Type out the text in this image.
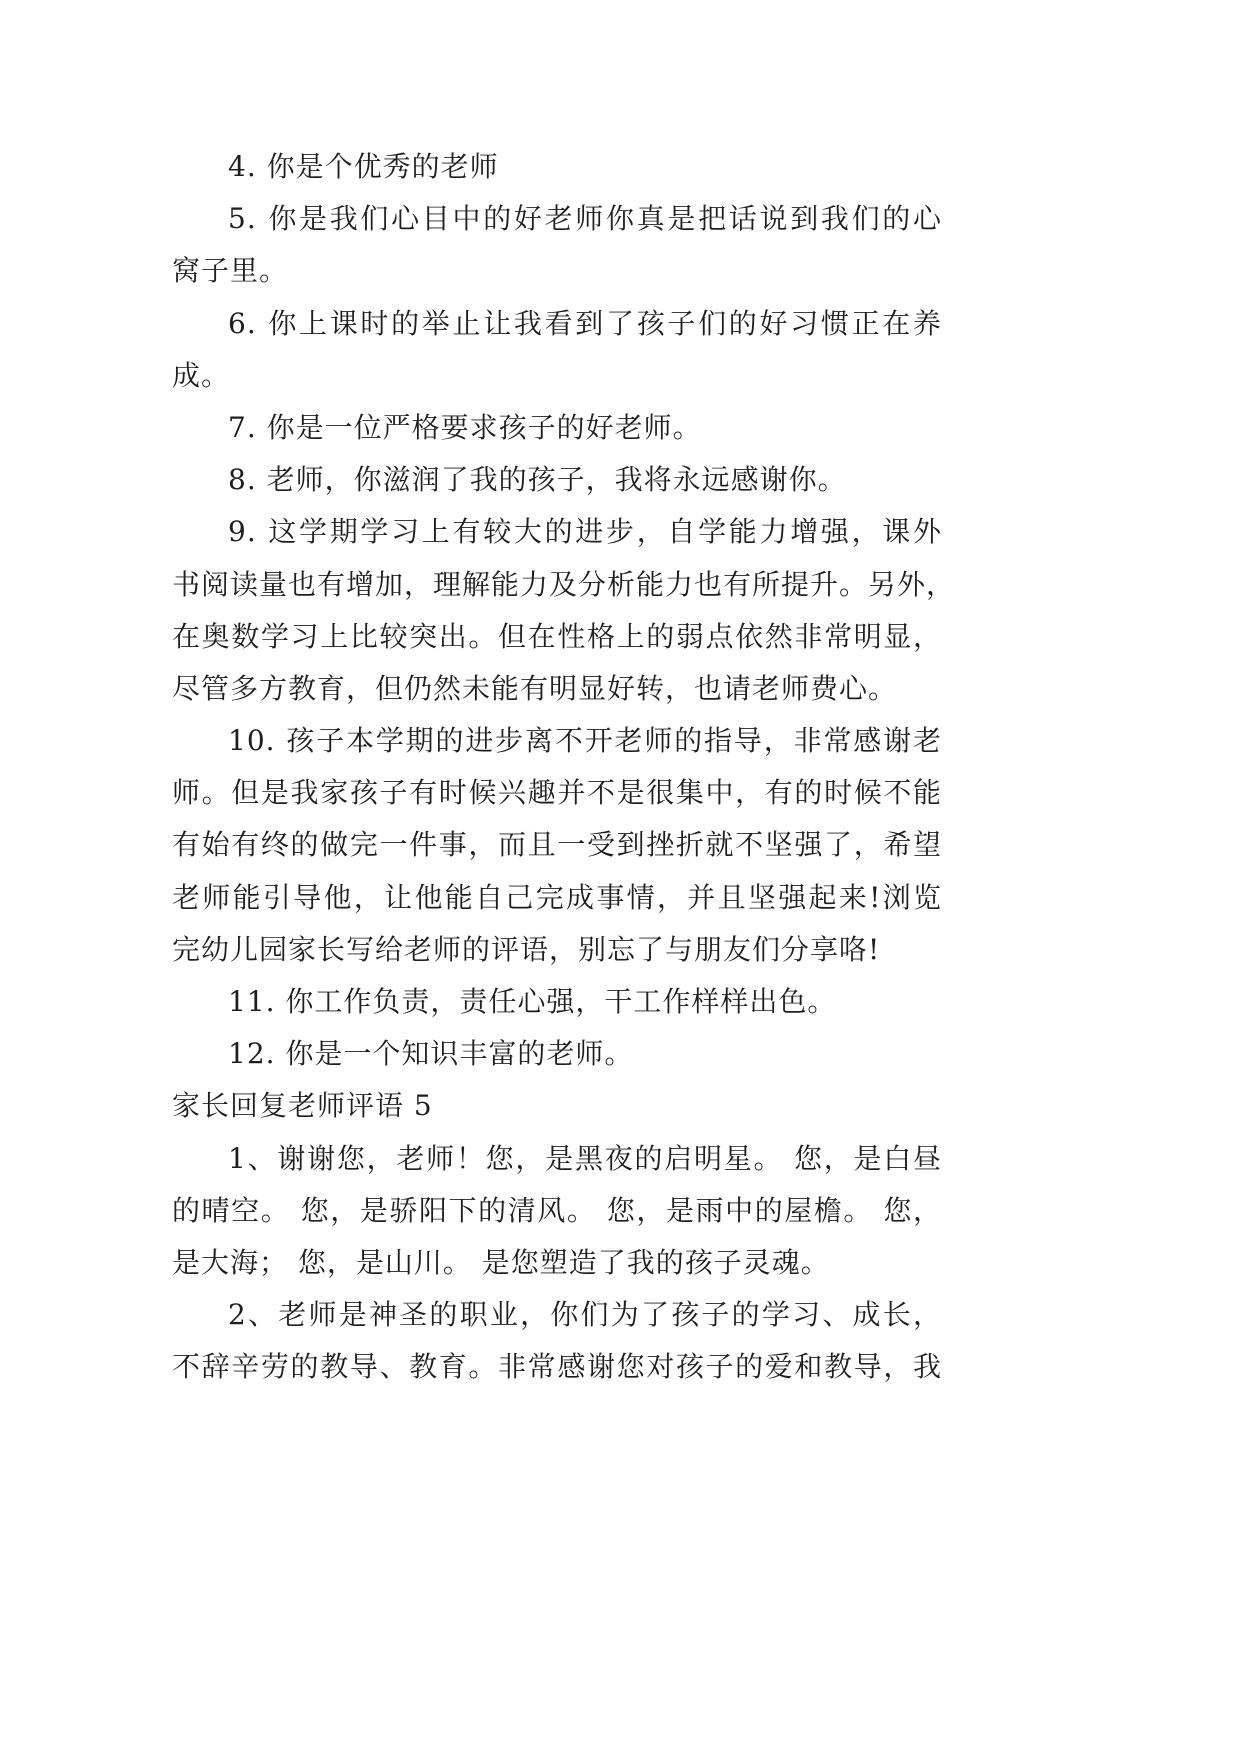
4. 你是个优秀的老师
5. 你是我们心目中的好老师你真是把话说到我们的心
窝子里。
6. 你上课时的举止让我看到了孩子们的好习惯正在养
成。
7. 你是一位严格要求孩子的好老师。
8. 老师，你滋润了我的孩子，我将永远感谢你。
9. 这学期学习上有较大的进步，自学能力增强，课外
书阅读量也有增加，理解能力及分析能力也有所提升。另外，
在奥数学习上比较突出。但在性格上的弱点依然非常明显，
尽管多方教育，但仍然未能有明显好转，也请老师费心。
10. 孩子本学期的进步离不开老师的指导，非常感谢老
师。但是我家孩子有时候兴趣并不是很集中，有的时候不能
有始有终的做完一件事，而且一受到挫折就不坚强了，希望
老师能引导他，让他能自己完成事情，并且坚强起来!浏览
完幼儿园家长写给老师的评语，别忘了与朋友们分享咯!
11. 你工作负责，责任心强，干工作样样出色。
12. 你是一个知识丰富的老师。
家长回复老师评语 5
1、谢谢您，老师！您，是黑夜的启明星。 您，是白昼
的晴空。 您，是骄阳下的清风。 您，是雨中的屋檐。 您，
是大海； 您，是山川。 是您塑造了我的孩子灵魂。
2、老师是神圣的职业，你们为了孩子的学习、成长，
不辞辛劳的教导、教育。非常感谢您对孩子的爱和教导，我
